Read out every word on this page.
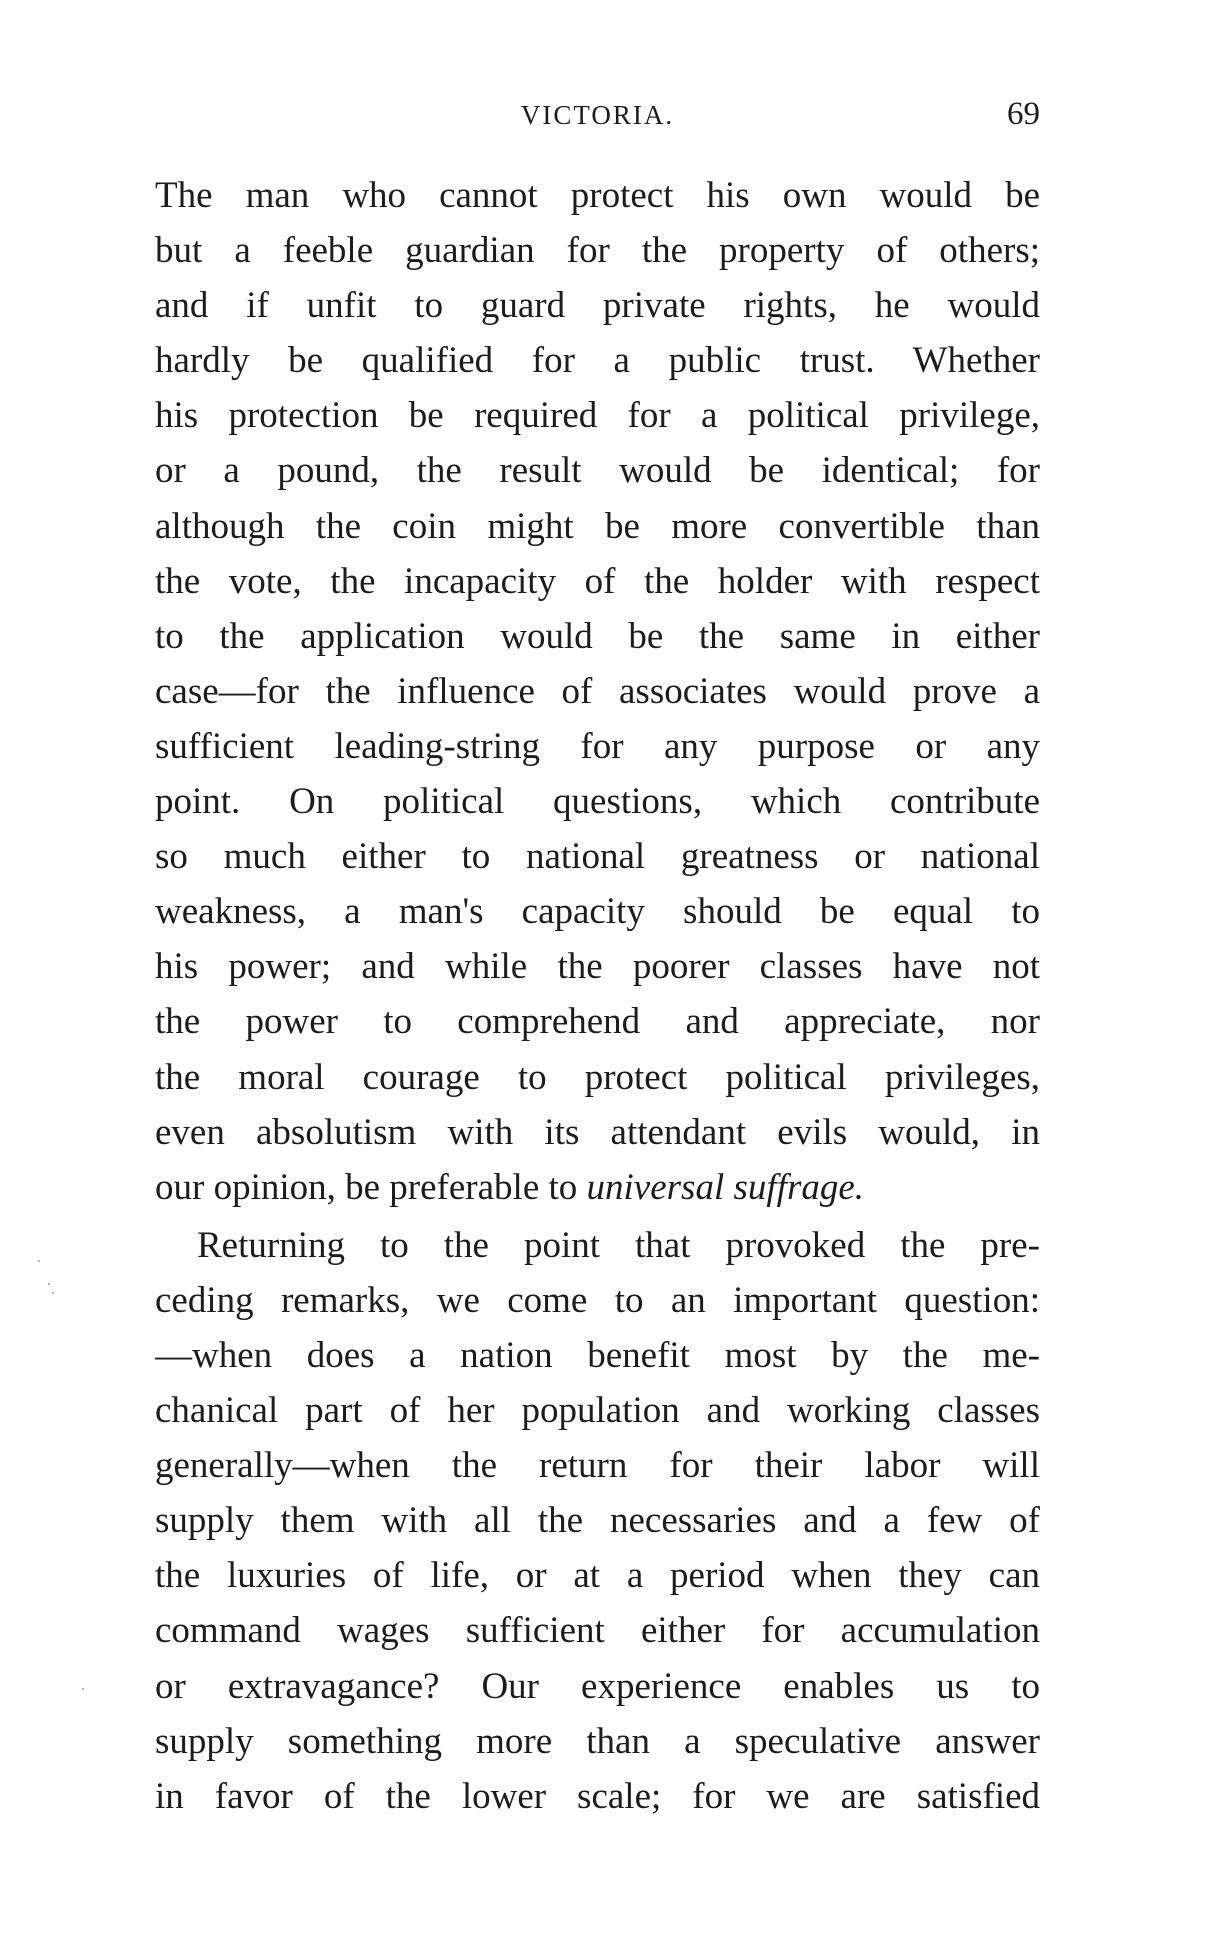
VICTORIA.	69
The man who cannot protect his own would be
but a feeble guardian for the property of others;
and if unfit to guard private rights, he would
hardly be qualified for a public trust. Whether
his protection be required for a political privilege,
or a pound, the result would be identical; for
although the coin might be more convertible than
the vote, the incapacity of the holder with respect
to the application would be the same in either
case—for the influence of associates would prove a
sufficient leading-string for any purpose or any
point. On political questions, which contribute
so much either to national greatness or national
weakness, a man's capacity should be equal to
his power; and while the poorer classes have not
the power to comprehend and appreciate, nor
the moral courage to protect political privileges,
even absolutism with its attendant evils would, in
our opinion, be preferable to universal suffrage.
Returning to the point that provoked the pre-
ceding remarks, we come to an important question:
—when does a nation benefit most by the me-
chanical part of her population and working classes
generally—when the return for their labor will
supply them with all the necessaries and a few of
the luxuries of life, or at a period when they can
command wages sufficient either for accumulation
or extravagance? Our experience enables us to
supply something more than a speculative answer
in favor of the lower scale; for we are satisfied
